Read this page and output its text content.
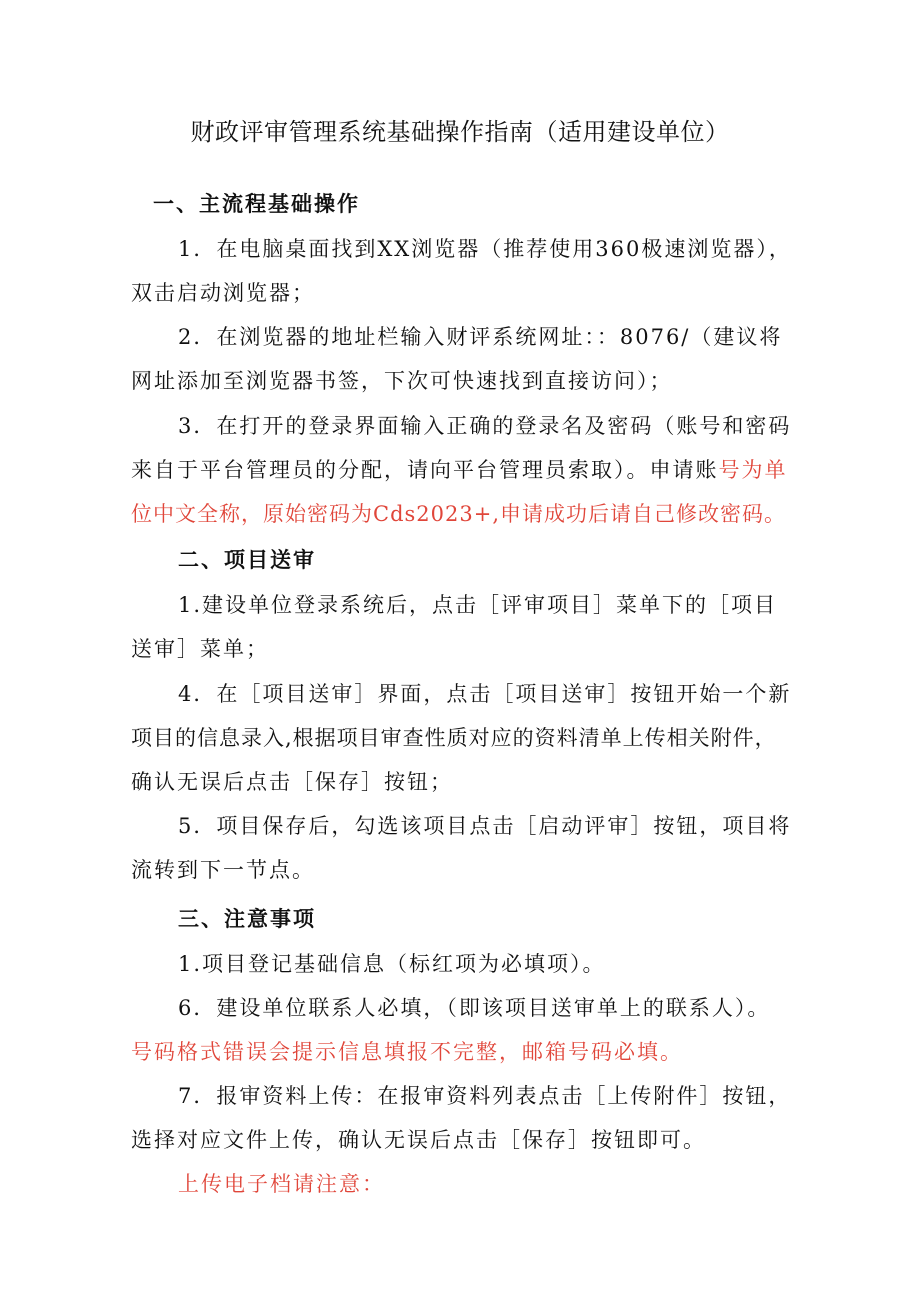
财政评审管理系统基础操作指南（适用建设单位）
一、主流程基础操作
1．在电脑桌面找到XX浏览器（推荐使用360极速浏览器），
双击启动浏览器；
2．在浏览器的地址栏输入财评系统网址：：8076/（建议将
网址添加至浏览器书签，下次可快速找到直接访问）；
3．在打开的登录界面输入正确的登录名及密码（账号和密码
来自于平台管理员的分配，请向平台管理员索取）。申请账号为单
位中文全称，原始密码为Cds2023+,申请成功后请自己修改密码。
二、项目送审
1.建设单位登录系统后，点击［评审项目］菜单下的［项目
送审］菜单；
4．在［项目送审］界面，点击［项目送审］按钮开始一个新
项目的信息录入,根据项目审查性质对应的资料清单上传相关附件，
确认无误后点击［保存］按钮；
5．项目保存后，勾选该项目点击［启动评审］按钮，项目将
流转到下一节点。
三、注意事项
1.项目登记基础信息（标红项为必填项）。
6．建设单位联系人必填，（即该项目送审单上的联系人）。
号码格式错误会提示信息填报不完整，邮箱号码必填。
7．报审资料上传：在报审资料列表点击［上传附件］按钮，
选择对应文件上传，确认无误后点击［保存］按钮即可。
上传电子档请注意：
